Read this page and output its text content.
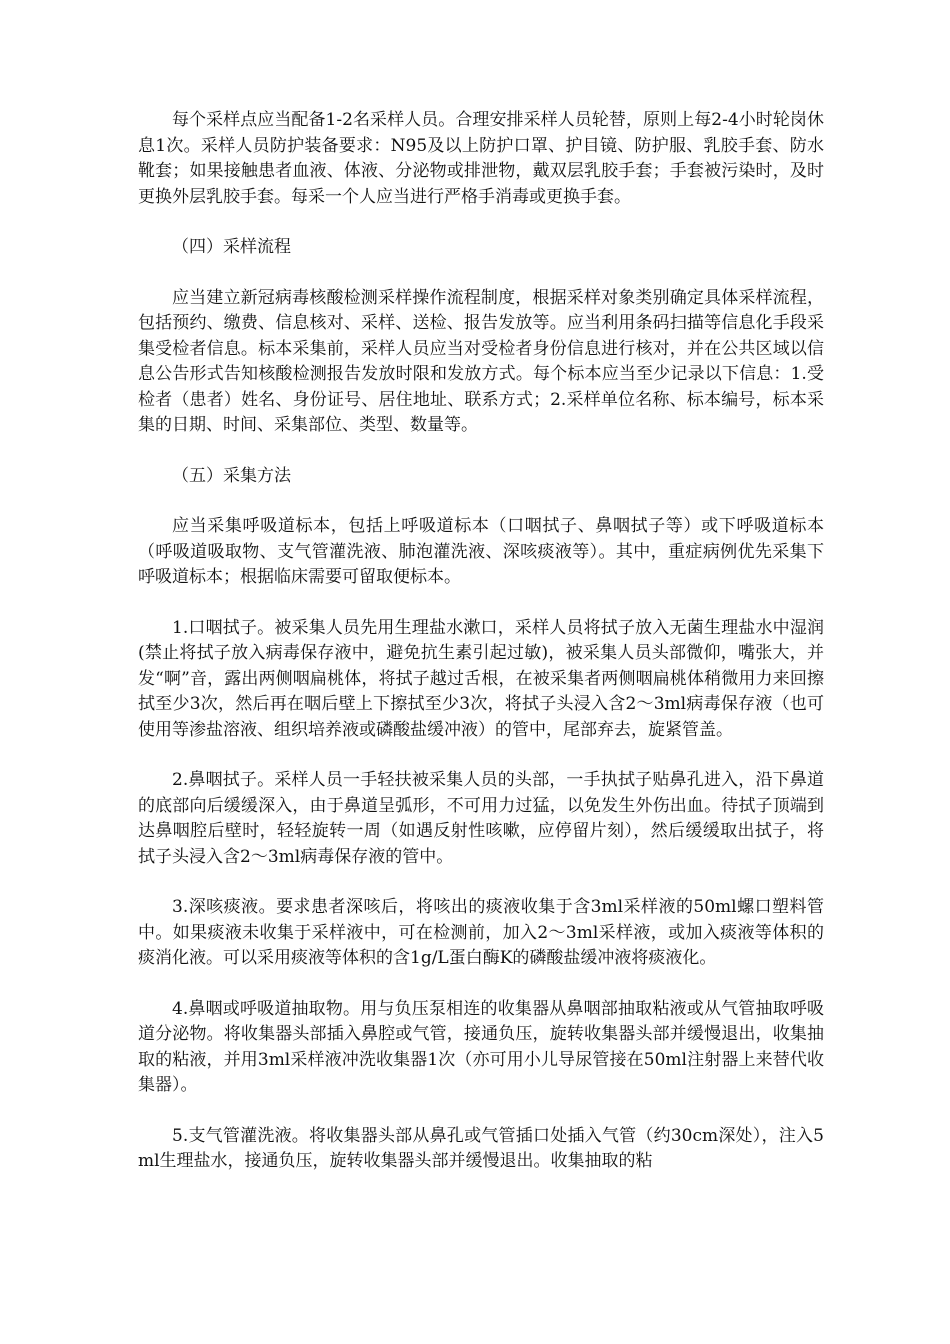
每个采样点应当配备1-2名采样人员。合理安排采样人员轮替，原则上每2-4小时轮岗休息1次。采样人员防护装备要求：N95及以上防护口罩、护目镜、防护服、乳胶手套、防水靴套；如果接触患者血液、体液、分泌物或排泄物，戴双层乳胶手套；手套被污染时，及时更换外层乳胶手套。每采一个人应当进行严格手消毒或更换手套。

（四）采样流程

应当建立新冠病毒核酸检测采样操作流程制度，根据采样对象类别确定具体采样流程，包括预约、缴费、信息核对、采样、送检、报告发放等。应当利用条码扫描等信息化手段采集受检者信息。标本采集前，采样人员应当对受检者身份信息进行核对，并在公共区域以信息公告形式告知核酸检测报告发放时限和发放方式。每个标本应当至少记录以下信息：1.受检者（患者）姓名、身份证号、居住地址、联系方式；2.采样单位名称、标本编号，标本采集的日期、时间、采集部位、类型、数量等。

（五）采集方法

应当采集呼吸道标本，包括上呼吸道标本（口咽拭子、鼻咽拭子等）或下呼吸道标本（呼吸道吸取物、支气管灌洗液、肺泡灌洗液、深咳痰液等）。其中，重症病例优先采集下呼吸道标本；根据临床需要可留取便标本。

1.口咽拭子。被采集人员先用生理盐水漱口，采样人员将拭子放入无菌生理盐水中湿润(禁止将拭子放入病毒保存液中，避免抗生素引起过敏)，被采集人员头部微仰，嘴张大，并发“啊”音，露出两侧咽扁桃体，将拭子越过舌根，在被采集者两侧咽扁桃体稍微用力来回擦拭至少3次，然后再在咽后壁上下擦拭至少3次，将拭子头浸入含2～3ml病毒保存液（也可使用等渗盐溶液、组织培养液或磷酸盐缓冲液）的管中，尾部弃去，旋紧管盖。

2.鼻咽拭子。采样人员一手轻扶被采集人员的头部，一手执拭子贴鼻孔进入，沿下鼻道的底部向后缓缓深入，由于鼻道呈弧形，不可用力过猛，以免发生外伤出血。待拭子顶端到达鼻咽腔后壁时，轻轻旋转一周（如遇反射性咳嗽，应停留片刻），然后缓缓取出拭子，将拭子头浸入含2～3ml病毒保存液的管中。

3.深咳痰液。要求患者深咳后，将咳出的痰液收集于含3ml采样液的50ml螺口塑料管中。如果痰液未收集于采样液中，可在检测前，加入2～3ml采样液，或加入痰液等体积的痰消化液。可以采用痰液等体积的含1g/L蛋白酶K的磷酸盐缓冲液将痰液化。

4.鼻咽或呼吸道抽取物。用与负压泵相连的收集器从鼻咽部抽取粘液或从气管抽取呼吸道分泌物。将收集器头部插入鼻腔或气管，接通负压，旋转收集器头部并缓慢退出，收集抽取的粘液，并用3ml采样液冲洗收集器1次（亦可用小儿导尿管接在50ml注射器上来替代收集器）。

5.支气管灌洗液。将收集器头部从鼻孔或气管插口处插入气管（约30cm深处），注入5ml生理盐水，接通负压，旋转收集器头部并缓慢退出。收集抽取的粘
